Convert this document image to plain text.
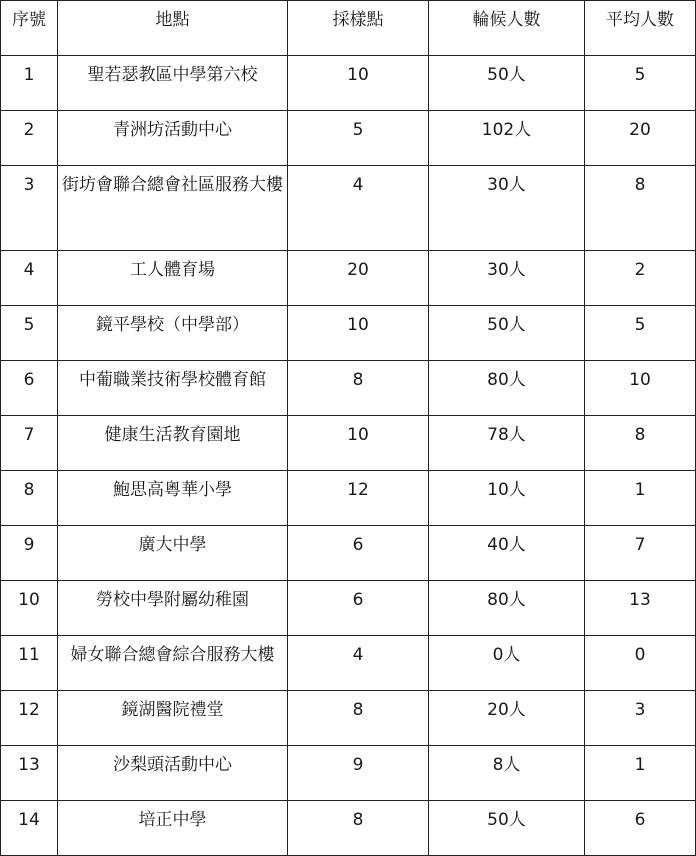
序號	地點	採樣點	輪候人數	平均人數
1	聖若瑟教區中學第六校	10	50人	5
2	青洲坊活動中心	5	102人	20
3	街坊會聯合總會社區服務大樓	4	30人	8
4	工人體育場	20	30人	2
5	鏡平學校（中學部）	10	50人	5
6	中葡職業技術學校體育館	8	80人	10
7	健康生活教育園地	10	78人	8
8	鮑思高粵華小學	12	10人	1
9	廣大中學	6	40人	7
10	勞校中學附屬幼稚園	6	80人	13
11	婦女聯合總會綜合服務大樓	4	0人	0
12	鏡湖醫院禮堂	8	20人	3
13	沙梨頭活動中心	9	8人	1
14	培正中學	8	50人	6
